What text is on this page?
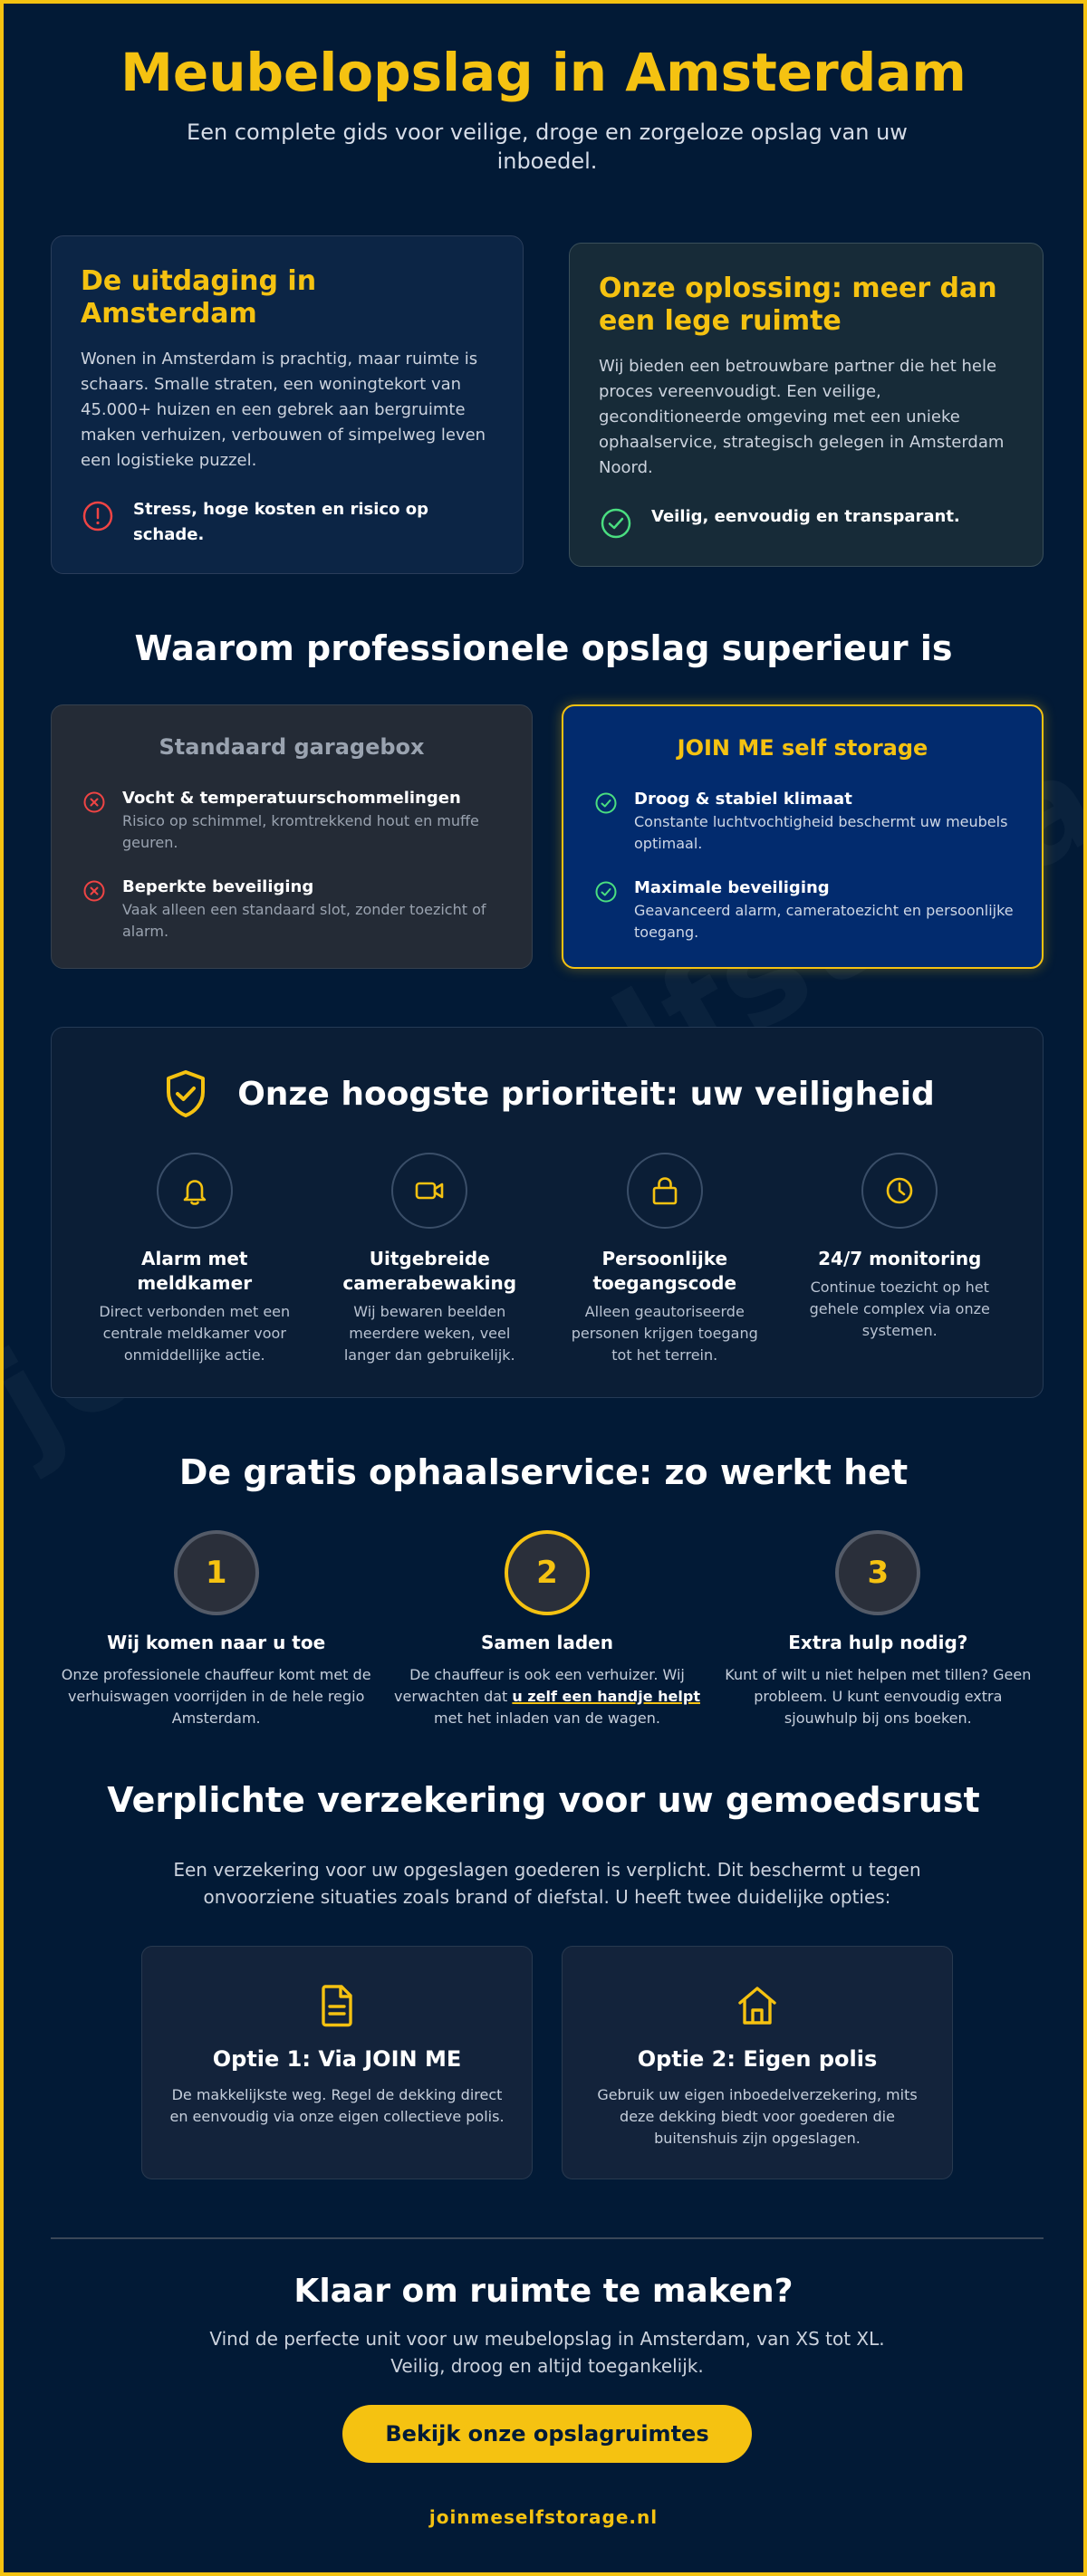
Meubelopslag in Amsterdam

Een complete gids voor veilige, droge en zorgeloze opslag van uw inboedel.

De uitdaging in Amsterdam

Wonen in Amsterdam is prachtig, maar ruimte is schaars. Smalle straten, een woningtekort van 45.000+ huizen en een gebrek aan bergruimte maken verhuizen, verbouwen of simpelweg leven een logistieke puzzel.

Stress, hoge kosten en risico op schade.
Onze oplossing: meer dan een lege ruimte

Wij bieden een betrouwbare partner die het hele proces vereenvoudigt. Een veilige, geconditioneerde omgeving met een unieke ophaalservice, strategisch gelegen in Amsterdam Noord.

Veilig, eenvoudig en transparant.
Waarom professionele opslag superieur is
Standaard garagebox
Vocht & temperatuurschommelingen
Risico op schimmel, kromtrekkend hout en muffe geuren.
Beperkte beveiliging
Vaak alleen een standaard slot, zonder toezicht of alarm.
JOIN ME self storage
Droog & stabiel klimaat
Constante luchtvochtigheid beschermt uw meubels optimaal.
Maximale beveiliging
Geavanceerd alarm, cameratoezicht en persoonlijke toegang.
Onze hoogste prioriteit: uw veiligheid
Alarm met meldkamer
Direct verbonden met een centrale meldkamer voor onmiddellijke actie.
Uitgebreide camerabewaking
Wij bewaren beelden meerdere weken, veel langer dan gebruikelijk.
Persoonlijke toegangscode
Alleen geautoriseerde personen krijgen toegang tot het terrein.
24/7 monitoring
Continue toezicht op het gehele complex via onze systemen.
De gratis ophaalservice: zo werkt het
1
Wij komen naar u toe
Onze professionele chauffeur komt met de verhuiswagen voorrijden in de hele regio Amsterdam.
2
Samen laden
De chauffeur is ook een verhuizer. Wij verwachten dat u zelf een handje helpt met het inladen van de wagen.
3
Extra hulp nodig?
Kunt of wilt u niet helpen met tillen? Geen probleem. U kunt eenvoudig extra sjouwhulp bij ons boeken.
Verplichte verzekering voor uw gemoedsrust

Een verzekering voor uw opgeslagen goederen is verplicht. Dit beschermt u tegen onvoorziene situaties zoals brand of diefstal. U heeft twee duidelijke opties:

Optie 1: Via JOIN ME
De makkelijkste weg. Regel de dekking direct en eenvoudig via onze eigen collectieve polis.
Optie 2: Eigen polis
Gebruik uw eigen inboedelverzekering, mits deze dekking biedt voor goederen die buitenshuis zijn opgeslagen.
Klaar om ruimte te maken?

Vind de perfecte unit voor uw meubelopslag in Amsterdam, van XS tot XL. Veilig, droog en altijd toegankelijk.

Bekijk onze opslagruimtes
joinmeselfstorage.nl
